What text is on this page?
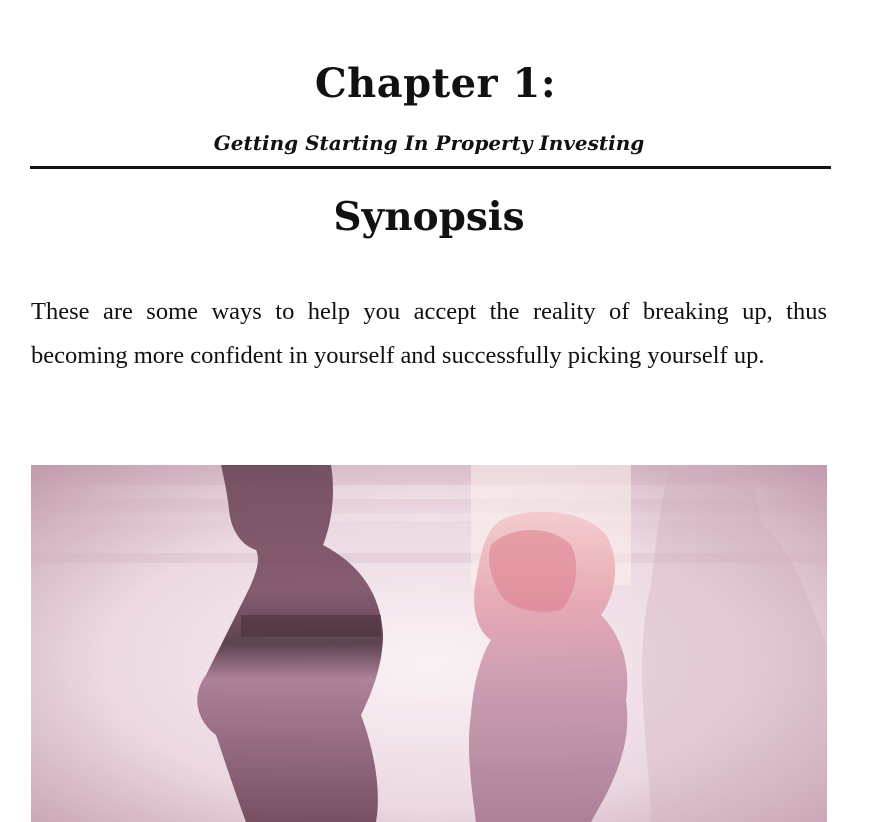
Chapter 1:
Getting Starting In Property Investing
Synopsis

These are some ways to help you accept the reality of breaking up, thus becoming more confident in yourself and successfully picking yourself up.
